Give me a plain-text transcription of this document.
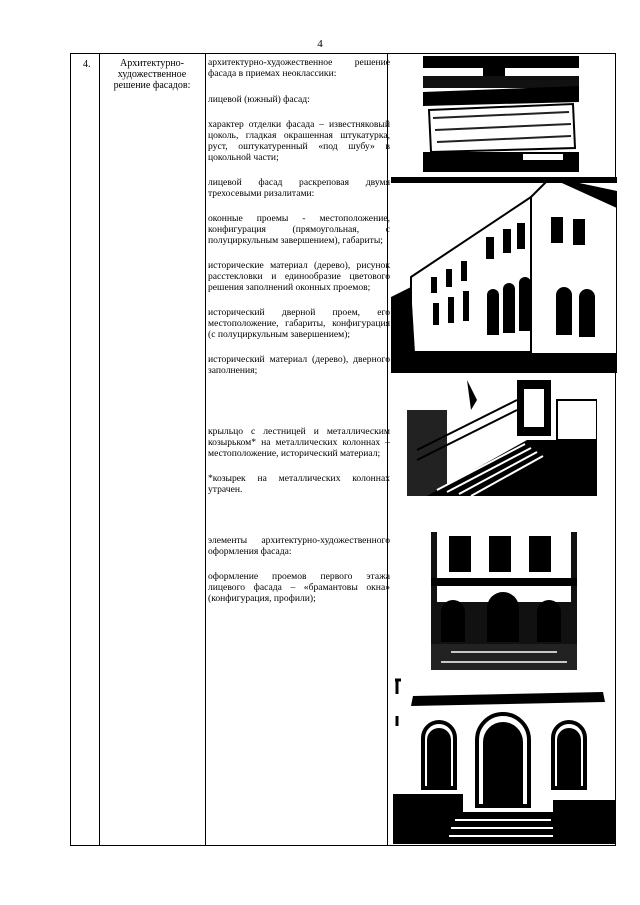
4
4.	Архитектурно-художественное решение фасадов:

архитектурно-художественное решение фасада в приемах неоклассики:

лицевой (южный) фасад:

характер отделки фасада – известняковый цоколь, гладкая окрашенная штукатурка, руст, оштукатуренный «под шубу» в цокольной части;

лицевой фасад раскреповая двумя трехосевыми ризалитами:

оконные проемы - местоположение, конфигурация (прямоугольная, с полуциркульным завершением), габариты;

исторические материал (дерево), рисунок расстекловки и единообразие цветового решения заполнений оконных проемов;

исторический дверной проем, его местоположение, габариты, конфигурация (с полуциркульным завершением);

исторический материал (дерево), дверного заполнения;

крыльцо с лестницей и металлическим козырьком* на металлических колоннах – местоположение, исторический материал;

*козырек на металлических колоннах утрачен.

элементы архитектурно-художественного оформления фасада:

оформление проемов первого этажа лицевого фасада – «брамантовы окна» (конфигурация, профили);
